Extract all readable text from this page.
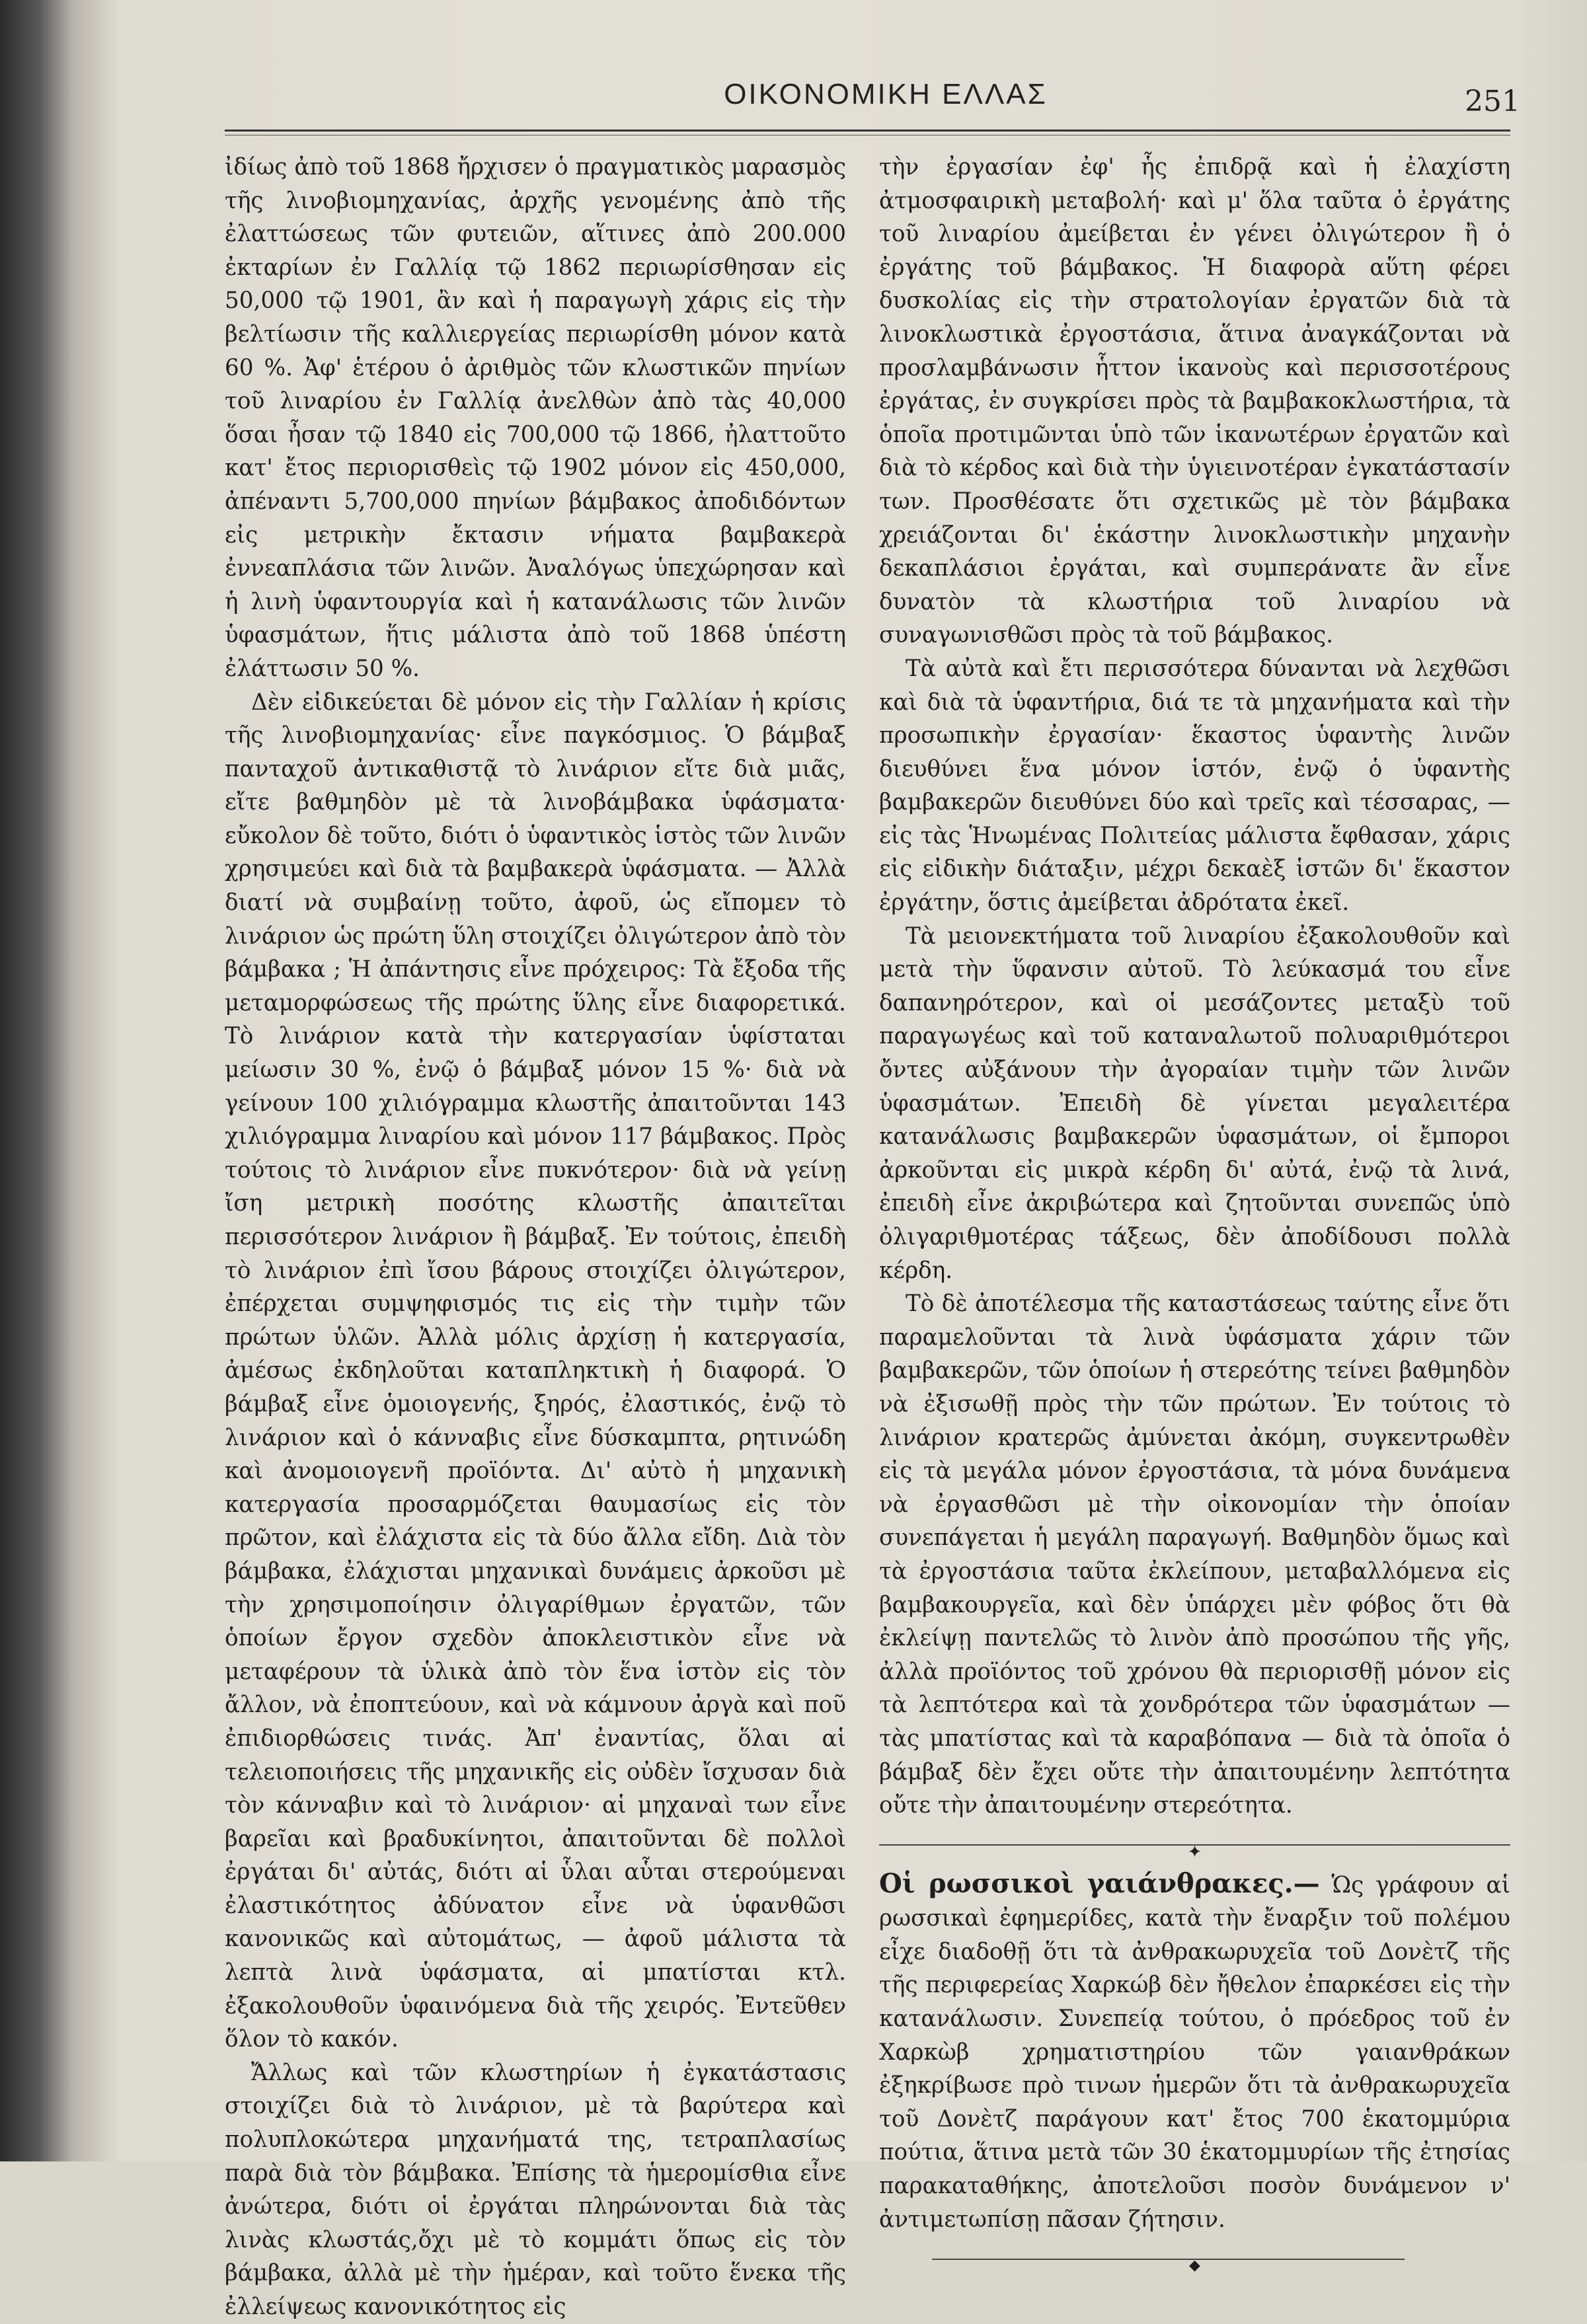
ΟΙΚΟΝΟΜΙΚΗ ΕΛΛΑΣ	251

ἰδίως ἀπὸ τοῦ 1868 ἤρχισεν ὁ πραγματικὸς μαρασμὸς τῆς λινοβιομηχανίας, ἀρχῆς γενομένης ἀπὸ τῆς ἐλαττώσεως τῶν φυτειῶν, αἵτινες ἀπὸ 200.000 ἐκταρίων ἐν Γαλλίᾳ τῷ 1862 περιωρίσθησαν εἰς 50,000 τῷ 1901, ἂν καὶ ἡ παραγωγὴ χάρις εἰς τὴν βελτίωσιν τῆς καλλιεργείας περιωρίσθη μόνον κατὰ 60 %. Ἀφ' ἑτέρου ὁ ἀριθμὸς τῶν κλωστικῶν πηνίων τοῦ λιναρίου ἐν Γαλλίᾳ ἀνελθὼν ἀπὸ τὰς 40,000 ὅσαι ἦσαν τῷ 1840 εἰς 700,000 τῷ 1866, ἠλαττοῦτο κατ' ἔτος περιορισθεὶς τῷ 1902 μόνον εἰς 450,000, ἀπέναντι 5,700,000 πηνίων βάμβακος ἀποδιδόντων εἰς μετρικὴν ἔκτασιν νήματα βαμβακερὰ ἐννεαπλάσια τῶν λινῶν. Ἀναλόγως ὑπεχώρησαν καὶ ἡ λινὴ ὑφαντουργία καὶ ἡ κατανάλωσις τῶν λινῶν ὑφασμάτων, ἥτις μάλιστα ἀπὸ τοῦ 1868 ὑπέστη ἐλάττωσιν 50 %.

Δὲν εἰδικεύεται δὲ μόνον εἰς τὴν Γαλλίαν ἡ κρίσις τῆς λινοβιομηχανίας· εἶνε παγκόσμιος. Ὁ βάμβαξ πανταχοῦ ἀντικαθιστᾷ τὸ λινάριον εἴτε διὰ μιᾶς, εἴτε βαθμηδὸν μὲ τὰ λινοβάμβακα ὑφάσματα· εὔκολον δὲ τοῦτο, διότι ὁ ὑφαντικὸς ἱστὸς τῶν λινῶν χρησιμεύει καὶ διὰ τὰ βαμβακερὰ ὑφάσματα. — Ἀλλὰ διατί νὰ συμβαίνῃ τοῦτο, ἀφοῦ, ὡς εἴπομεν τὸ λινάριον ὡς πρώτη ὕλη στοιχίζει ὀλιγώτερον ἀπὸ τὸν βάμβακα ; Ἡ ἀπάντησις εἶνε πρόχειρος: Τὰ ἔξοδα τῆς μεταμορφώσεως τῆς πρώτης ὕλης εἶνε διαφορετικά. Τὸ λινάριον κατὰ τὴν κατεργασίαν ὑφίσταται μείωσιν 30 %, ἐνῷ ὁ βάμβαξ μόνον 15 %· διὰ νὰ γείνουν 100 χιλιόγραμμα κλωστῆς ἀπαιτοῦνται 143 χιλιόγραμμα λιναρίου καὶ μόνον 117 βάμβακος. Πρὸς τούτοις τὸ λινάριον εἶνε πυκνότερον· διὰ νὰ γείνῃ ἴση μετρικὴ ποσότης κλωστῆς ἀπαιτεῖται περισσότερον λινάριον ἢ βάμβαξ. Ἐν τούτοις, ἐπειδὴ τὸ λινάριον ἐπὶ ἴσου βάρους στοιχίζει ὀλιγώτερον, ἐπέρχεται συμψηφισμός τις εἰς τὴν τιμὴν τῶν πρώτων ὑλῶν. Ἀλλὰ μόλις ἀρχίσῃ ἡ κατεργασία, ἀμέσως ἐκδηλοῦται καταπληκτικὴ ἡ διαφορά. Ὁ βάμβαξ εἶνε ὁμοιογενής, ξηρός, ἐλαστικός, ἐνῷ τὸ λινάριον καὶ ὁ κάνναβις εἶνε δύσκαμπτα, ρητινώδη καὶ ἀνομοιογενῆ προϊόντα. Δι' αὐτὸ ἡ μηχανικὴ κατεργασία προσαρμόζεται θαυμασίως εἰς τὸν πρῶτον, καὶ ἐλάχιστα εἰς τὰ δύο ἄλλα εἴδη. Διὰ τὸν βάμβακα, ἐλάχισται μηχανικαὶ δυνάμεις ἀρκοῦσι μὲ τὴν χρησιμοποίησιν ὀλιγαρίθμων ἐργατῶν, τῶν ὁποίων ἔργον σχεδὸν ἀποκλειστικὸν εἶνε νὰ μεταφέρουν τὰ ὑλικὰ ἀπὸ τὸν ἕνα ἱστὸν εἰς τὸν ἄλλον, νὰ ἐποπτεύουν, καὶ νὰ κάμνουν ἀργὰ καὶ ποῦ ἐπιδιορθώσεις τινάς. Ἀπ' ἐναντίας, ὅλαι αἱ τελειοποιήσεις τῆς μηχανικῆς εἰς οὐδὲν ἴσχυσαν διὰ τὸν κάνναβιν καὶ τὸ λινάριον· αἱ μηχαναὶ των εἶνε βαρεῖαι καὶ βραδυκίνητοι, ἀπαιτοῦνται δὲ πολλοὶ ἐργάται δι' αὐτάς, διότι αἱ ὗλαι αὗται στερούμεναι ἐλαστικότητος ἀδύνατον εἶνε νὰ ὑφανθῶσι κανονικῶς καὶ αὐτομάτως, — ἀφοῦ μάλιστα τὰ λεπτὰ λινὰ ὑφάσματα, αἱ μπατίσται κτλ. ἐξακολουθοῦν ὑφαινόμενα διὰ τῆς χειρός. Ἐντεῦθεν ὅλον τὸ κακόν.

Ἄλλως καὶ τῶν κλωστηρίων ἡ ἐγκατάστασις στοιχίζει διὰ τὸ λινάριον, μὲ τὰ βαρύτερα καὶ πολυπλοκώτερα μηχανήματά της, τετραπλασίως παρὰ διὰ τὸν βάμβακα. Ἐπίσης τὰ ἡμερομίσθια εἶνε ἀνώτερα, διότι οἱ ἐργάται πληρώνονται διὰ τὰς λινὰς κλωστάς,ὄχι μὲ τὸ κομμάτι ὅπως εἰς τὸν βάμβακα, ἀλλὰ μὲ τὴν ἡμέραν, καὶ τοῦτο ἕνεκα τῆς ἐλλείψεως κανονικότητος εἰς

τὴν ἐργασίαν ἐφ' ἧς ἐπιδρᾷ καὶ ἡ ἐλαχίστη ἀτμοσφαιρικὴ μεταβολή· καὶ μ' ὅλα ταῦτα ὁ ἐργάτης τοῦ λιναρίου ἀμείβεται ἐν γένει ὀλιγώτερον ἢ ὁ ἐργάτης τοῦ βάμβακος. Ἡ διαφορὰ αὕτη φέρει δυσκολίας εἰς τὴν στρατολογίαν ἐργατῶν διὰ τὰ λινοκλωστικὰ ἐργοστάσια, ἅτινα ἀναγκάζονται νὰ προσλαμβάνωσιν ἧττον ἱκανοὺς καὶ περισσοτέρους ἐργάτας, ἐν συγκρίσει πρὸς τὰ βαμβακοκλωστήρια, τὰ ὁποῖα προτιμῶνται ὑπὸ τῶν ἱκανωτέρων ἐργατῶν καὶ διὰ τὸ κέρδος καὶ διὰ τὴν ὑγιεινοτέραν ἐγκατάστασίν των. Προσθέσατε ὅτι σχετικῶς μὲ τὸν βάμβακα χρειάζονται δι' ἑκάστην λινοκλωστικὴν μηχανὴν δεκαπλάσιοι ἐργάται, καὶ συμπεράνατε ἂν εἶνε δυνατὸν τὰ κλωστήρια τοῦ λιναρίου νὰ συναγωνισθῶσι πρὸς τὰ τοῦ βάμβακος.

Τὰ αὐτὰ καὶ ἔτι περισσότερα δύνανται νὰ λεχθῶσι καὶ διὰ τὰ ὑφαντήρια, διά τε τὰ μηχανήματα καὶ τὴν προσωπικὴν ἐργασίαν· ἕκαστος ὑφαντὴς λινῶν διευθύνει ἕνα μόνον ἱστόν, ἐνῷ ὁ ὑφαντὴς βαμβακερῶν διευθύνει δύο καὶ τρεῖς καὶ τέσσαρας, — εἰς τὰς Ἡνωμένας Πολιτείας μάλιστα ἔφθασαν, χάρις εἰς εἰδικὴν διάταξιν, μέχρι δεκαὲξ ἱστῶν δι' ἕκαστον ἐργάτην, ὅστις ἀμείβεται ἀδρότατα ἐκεῖ.

Τὰ μειονεκτήματα τοῦ λιναρίου ἐξακολουθοῦν καὶ μετὰ τὴν ὕφανσιν αὐτοῦ. Τὸ λεύκασμά του εἶνε δαπανηρότερον, καὶ οἱ μεσάζοντες μεταξὺ τοῦ παραγωγέως καὶ τοῦ καταναλωτοῦ πολυαριθμότεροι ὄντες αὐξάνουν τὴν ἀγοραίαν τιμὴν τῶν λινῶν ὑφασμάτων. Ἐπειδὴ δὲ γίνεται μεγαλειτέρα κατανάλωσις βαμβακερῶν ὑφασμάτων, οἱ ἔμποροι ἀρκοῦνται εἰς μικρὰ κέρδη δι' αὐτά, ἐνῷ τὰ λινά, ἐπειδὴ εἶνε ἀκριβώτερα καὶ ζητοῦνται συνεπῶς ὑπὸ ὀλιγαριθμοτέρας τάξεως, δὲν ἀποδίδουσι πολλὰ κέρδη.

Τὸ δὲ ἀποτέλεσμα τῆς καταστάσεως ταύτης εἶνε ὅτι παραμελοῦνται τὰ λινὰ ὑφάσματα χάριν τῶν βαμβακερῶν, τῶν ὁποίων ἡ στερεότης τείνει βαθμηδὸν νὰ ἐξισωθῇ πρὸς τὴν τῶν πρώτων. Ἐν τούτοις τὸ λινάριον κρατερῶς ἀμύνεται ἀκόμη, συγκεντρωθὲν εἰς τὰ μεγάλα μόνον ἐργοστάσια, τὰ μόνα δυνάμενα νὰ ἐργασθῶσι μὲ τὴν οἰκονομίαν τὴν ὁποίαν συνεπάγεται ἡ μεγάλη παραγωγή. Βαθμηδὸν ὅμως καὶ τὰ ἐργοστάσια ταῦτα ἐκλείπουν, μεταβαλλόμενα εἰς βαμβακουργεῖα, καὶ δὲν ὑπάρχει μὲν φόβος ὅτι θὰ ἐκλείψῃ παντελῶς τὸ λινὸν ἀπὸ προσώπου τῆς γῆς, ἀλλὰ προϊόντος τοῦ χρόνου θὰ περιορισθῇ μόνον εἰς τὰ λεπτότερα καὶ τὰ χονδρότερα τῶν ὑφασμάτων — τὰς μπατίστας καὶ τὰ καραβόπανα — διὰ τὰ ὁποῖα ὁ βάμβαξ δὲν ἔχει οὔτε τὴν ἀπαιτουμένην λεπτότητα οὔτε τὴν ἀπαιτουμένην στερεότητα.

✦

Οἱ ρωσσικοὶ γαιάνθρακες.— Ὡς γράφουν αἱ ρωσσικαὶ ἐφημερίδες, κατὰ τὴν ἔναρξιν τοῦ πολέμου εἶχε διαδοθῇ ὅτι τὰ ἀνθρακωρυχεῖα τοῦ Δονὲτζ τῆς τῆς περιφερείας Χαρκώβ δὲν ἤθελον ἐπαρκέσει εἰς τὴν κατανάλωσιν. Συνεπείᾳ τούτου, ὁ πρόεδρος τοῦ ἐν Χαρκὼβ χρηματιστηρίου τῶν γαιανθράκων ἐξηκρίβωσε πρὸ τινων ἡμερῶν ὅτι τὰ ἀνθρακωρυχεῖα τοῦ Δονὲτζ παράγουν κατ' ἔτος 700 ἑκατομμύρια πούτια, ἅτινα μετὰ τῶν 30 ἑκατομμυρίων τῆς ἐτησίας παρακαταθήκης, ἀποτελοῦσι ποσὸν δυνάμενον ν' ἀντιμετωπίσῃ πᾶσαν ζήτησιν.

◆
